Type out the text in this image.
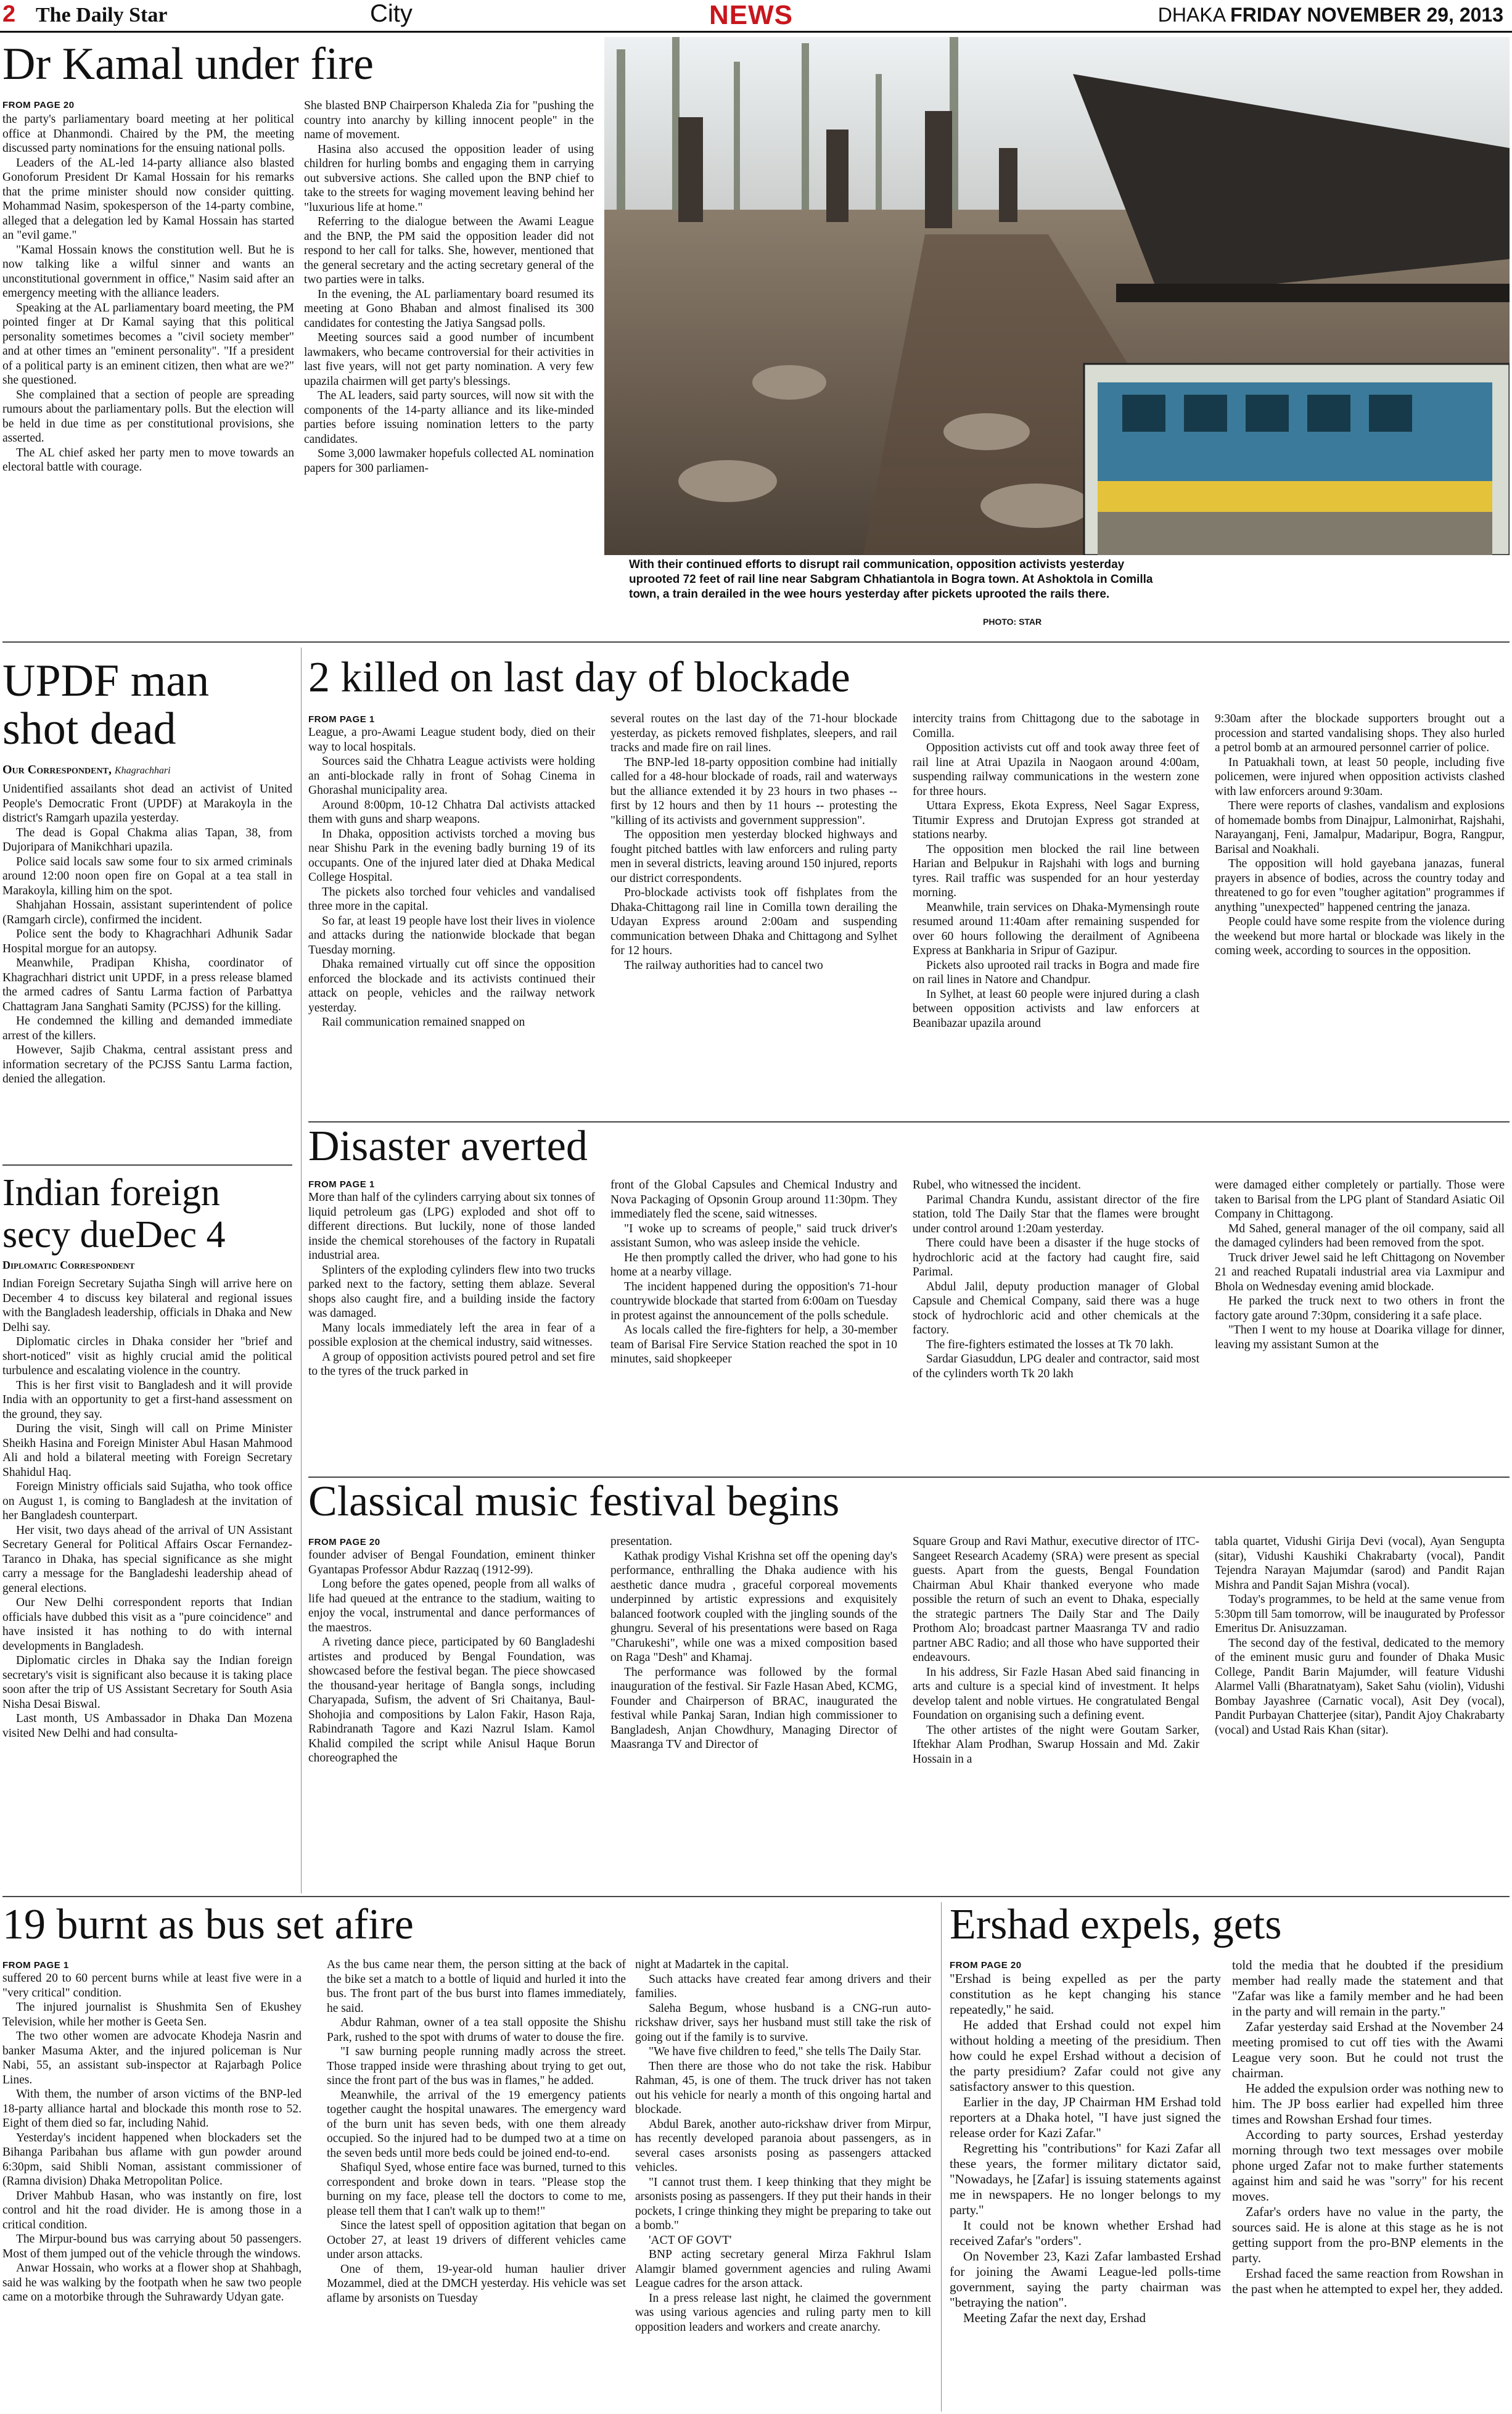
2 The Daily Star	City	NEWS	DHAKA FRIDAY NOVEMBER 29, 2013
Dr Kamal under fire
FROM PAGE 20

the party's parliamentary board meeting at her political office at Dhanmondi. Chaired by the PM, the meeting discussed party nominations for the ensuing national polls.

Leaders of the AL-led 14-party alliance also blasted Gonoforum President Dr Kamal Hossain for his remarks that the prime minister should now consider quitting. Mohammad Nasim, spokesperson of the 14-party combine, alleged that a delegation led by Kamal Hossain has started an "evil game."

"Kamal Hossain knows the constitution well. But he is now talking like a wilful sinner and wants an unconstitutional government in office," Nasim said after an emergency meeting with the alliance leaders.

Speaking at the AL parliamentary board meeting, the PM pointed finger at Dr Kamal saying that this political personality sometimes becomes a "civil society member" and at other times an "eminent personality". "If a president of a political party is an eminent citizen, then what are we?" she questioned.

She complained that a section of people are spreading rumours about the parliamentary polls. But the election will be held in due time as per constitutional provisions, she asserted.

The AL chief asked her party men to move towards an electoral battle with courage.

She blasted BNP Chairperson Khaleda Zia for "pushing the country into anarchy by killing innocent people" in the name of movement.

Hasina also accused the opposition leader of using children for hurling bombs and engaging them in carrying out subversive actions. She called upon the BNP chief to take to the streets for waging movement leaving behind her "luxurious life at home."

Referring to the dialogue between the Awami League and the BNP, the PM said the opposition leader did not respond to her call for talks. She, however, mentioned that the general secretary and the acting secretary general of the two parties were in talks.

In the evening, the AL parliamentary board resumed its meeting at Gono Bhaban and almost finalised its 300 candidates for contesting the Jatiya Sangsad polls.

Meeting sources said a good number of incumbent lawmakers, who became controversial for their activities in last five years, will not get party nomination. A very few upazila chairmen will get party's blessings.

The AL leaders, said party sources, will now sit with the components of the 14-party alliance and its like-minded parties before issuing nomination letters to the party candidates.

Some 3,000 lawmaker hopefuls collected AL nomination papers for 300 parliamen-

With their continued efforts to disrupt rail communication, opposition activists yesterday uprooted 72 feet of rail line near Sabgram Chhatiantola in Bogra town. At Ashoktola in Comilla town, a train derailed in the wee hours yesterday after pickets uprooted the rails there.
PHOTO: STAR
UPDF man shot dead
Our Correspondent, Khagrachhari

Unidentified assailants shot dead an activist of United People's Democratic Front (UPDF) at Marakoyla in the district's Ramgarh upazila yesterday.

The dead is Gopal Chakma alias Tapan, 38, from Dujoripara of Manikchhari upazila.

Police said locals saw some four to six armed criminals around 12:00 noon open fire on Gopal at a tea stall in Marakoyla, killing him on the spot.

Shahjahan Hossain, assistant superintendent of police (Ramgarh circle), confirmed the incident.

Police sent the body to Khagrachhari Adhunik Sadar Hospital morgue for an autopsy.

Meanwhile, Pradipan Khisha, coordinator of Khagrachhari district unit UPDF, in a press release blamed the armed cadres of Santu Larma faction of Parbattya Chattagram Jana Sanghati Samity (PCJSS) for the killing.

He condemned the killing and demanded immediate arrest of the killers.

However, Sajib Chakma, central assistant press and information secretary of the PCJSS Santu Larma faction, denied the allegation.

Indian foreign secy dueDec 4
Diplomatic Correspondent

Indian Foreign Secretary Sujatha Singh will arrive here on December 4 to discuss key bilateral and regional issues with the Bangladesh leadership, officials in Dhaka and New Delhi say.

Diplomatic circles in Dhaka consider her "brief and short-noticed" visit as highly crucial amid the political turbulence and escalating violence in the country.

This is her first visit to Bangladesh and it will provide India with an opportunity to get a first-hand assessment on the ground, they say.

During the visit, Singh will call on Prime Minister Sheikh Hasina and Foreign Minister Abul Hasan Mahmood Ali and hold a bilateral meeting with Foreign Secretary Shahidul Haq.

Foreign Ministry officials said Sujatha, who took office on August 1, is coming to Bangladesh at the invitation of her Bangladesh counterpart.

Her visit, two days ahead of the arrival of UN Assistant Secretary General for Political Affairs Oscar Fernandez-Taranco in Dhaka, has special significance as she might carry a message for the Bangladeshi leadership ahead of general elections.

Our New Delhi correspondent reports that Indian officials have dubbed this visit as a "pure coincidence" and have insisted it has nothing to do with internal developments in Bangladesh.

Diplomatic circles in Dhaka say the Indian foreign secretary's visit is significant also because it is taking place soon after the trip of US Assistant Secretary for South Asia Nisha Desai Biswal.

Last month, US Ambassador in Dhaka Dan Mozena visited New Delhi and had consulta-

2 killed on last day of blockade
FROM PAGE 1

League, a pro-Awami League student body, died on their way to local hospitals.

Sources said the Chhatra League activists were holding an anti-blockade rally in front of Sohag Cinema in Ghorashal municipality area.

Around 8:00pm, 10-12 Chhatra Dal activists attacked them with guns and sharp weapons.

In Dhaka, opposition activists torched a moving bus near Shishu Park in the evening badly burning 19 of its occupants. One of the injured later died at Dhaka Medical College Hospital.

The pickets also torched four vehicles and vandalised three more in the capital.

So far, at least 19 people have lost their lives in violence and attacks during the nationwide blockade that began Tuesday morning.

Dhaka remained virtually cut off since the opposition enforced the blockade and its activists continued their attack on people, vehicles and the railway network yesterday.

Rail communication remained snapped on

several routes on the last day of the 71-hour blockade yesterday, as pickets removed fishplates, sleepers, and rail tracks and made fire on rail lines.

The BNP-led 18-party opposition combine had initially called for a 48-hour blockade of roads, rail and waterways but the alliance extended it by 23 hours in two phases -- first by 12 hours and then by 11 hours -- protesting the "killing of its activists and government suppression".

The opposition men yesterday blocked highways and fought pitched battles with law enforcers and ruling party men in several districts, leaving around 150 injured, reports our district correspondents.

Pro-blockade activists took off fishplates from the Dhaka-Chittagong rail line in Comilla town derailing the Udayan Express around 2:00am and suspending communication between Dhaka and Chittagong and Sylhet for 12 hours.

The railway authorities had to cancel two

intercity trains from Chittagong due to the sabotage in Comilla.

Opposition activists cut off and took away three feet of rail line at Atrai Upazila in Naogaon around 4:00am, suspending railway communications in the western zone for three hours.

Uttara Express, Ekota Express, Neel Sagar Express, Titumir Express and Drutojan Express got stranded at stations nearby.

The opposition men blocked the rail line between Harian and Belpukur in Rajshahi with logs and burning tyres. Rail traffic was suspended for an hour yesterday morning.

Meanwhile, train services on Dhaka-Mymensingh route resumed around 11:40am after remaining suspended for over 60 hours following the derailment of Agnibeena Express at Bankharia in Sripur of Gazipur.

Pickets also uprooted rail tracks in Bogra and made fire on rail lines in Natore and Chandpur.

In Sylhet, at least 60 people were injured during a clash between opposition activists and law enforcers at Beanibazar upazila around

9:30am after the blockade supporters brought out a procession and started vandalising shops. They also hurled a petrol bomb at an armoured personnel carrier of police.

In Patuakhali town, at least 50 people, including five policemen, were injured when opposition activists clashed with law enforcers around 9:30am.

There were reports of clashes, vandalism and explosions of homemade bombs from Dinajpur, Lalmonirhat, Rajshahi, Narayanganj, Feni, Jamalpur, Madaripur, Bogra, Rangpur, Barisal and Noakhali.

The opposition will hold gayebana janazas, funeral prayers in absence of bodies, across the country today and threatened to go for even "tougher agitation" programmes if anything "unexpected" happened centring the janaza.

People could have some respite from the violence during the weekend but more hartal or blockade was likely in the coming week, according to sources in the opposition.

Disaster averted
FROM PAGE 1

More than half of the cylinders carrying about six tonnes of liquid petroleum gas (LPG) exploded and shot off to different directions. But luckily, none of those landed inside the chemical storehouses of the factory in Rupatali industrial area.

Splinters of the exploding cylinders flew into two trucks parked next to the factory, setting them ablaze. Several shops also caught fire, and a building inside the factory was damaged.

Many locals immediately left the area in fear of a possible explosion at the chemical industry, said witnesses.

A group of opposition activists poured petrol and set fire to the tyres of the truck parked in

front of the Global Capsules and Chemical Industry and Nova Packaging of Opsonin Group around 11:30pm. They immediately fled the scene, said witnesses.

"I woke up to screams of people," said truck driver's assistant Sumon, who was asleep inside the vehicle.

He then promptly called the driver, who had gone to his home at a nearby village.

The incident happened during the opposition's 71-hour countrywide blockade that started from 6:00am on Tuesday in protest against the announcement of the polls schedule.

As locals called the fire-fighters for help, a 30-member team of Barisal Fire Service Station reached the spot in 10 minutes, said shopkeeper

Rubel, who witnessed the incident.

Parimal Chandra Kundu, assistant director of the fire station, told The Daily Star that the flames were brought under control around 1:20am yesterday.

There could have been a disaster if the huge stocks of hydrochloric acid at the factory had caught fire, said Parimal.

Abdul Jalil, deputy production manager of Global Capsule and Chemical Company, said there was a huge stock of hydrochloric acid and other chemicals at the factory.

The fire-fighters estimated the losses at Tk 70 lakh.

Sardar Giasuddun, LPG dealer and contractor, said most of the cylinders worth Tk 20 lakh

were damaged either completely or partially. Those were taken to Barisal from the LPG plant of Standard Asiatic Oil Company in Chittagong.

Md Sahed, general manager of the oil company, said all the damaged cylinders had been removed from the spot.

Truck driver Jewel said he left Chittagong on November 21 and reached Rupatali industrial area via Laxmipur and Bhola on Wednesday evening amid blockade.

He parked the truck next to two others in front the factory gate around 7:30pm, considering it a safe place.

"Then I went to my house at Doarika village for dinner, leaving my assistant Sumon at the

Classical music festival begins
FROM PAGE 20

founder adviser of Bengal Foundation, eminent thinker Gyantapas Professor Abdur Razzaq (1912-99).

Long before the gates opened, people from all walks of life had queued at the entrance to the stadium, waiting to enjoy the vocal, instrumental and dance performances of the maestros.

A riveting dance piece, participated by 60 Bangladeshi artistes and produced by Bengal Foundation, was showcased before the festival began. The piece showcased the thousand-year heritage of Bangla songs, including Charyapada, Sufism, the advent of Sri Chaitanya, Baul-Shohojia and compositions by Lalon Fakir, Hason Raja, Rabindranath Tagore and Kazi Nazrul Islam. Kamol Khalid compiled the script while Anisul Haque Borun choreographed the

presentation.

Kathak prodigy Vishal Krishna set off the opening day's performance, enthralling the Dhaka audience with his aesthetic dance mudra , graceful corporeal movements underpinned by artistic expressions and exquisitely balanced footwork coupled with the jingling sounds of the ghungru. Several of his presentations were based on Raga "Charukeshi", while one was a mixed composition based on Raga "Desh" and Khamaj.

The performance was followed by the formal inauguration of the festival. Sir Fazle Hasan Abed, KCMG, Founder and Chairperson of BRAC, inaugurated the festival while Pankaj Saran, Indian high commissioner to Bangladesh, Anjan Chowdhury, Managing Director of Maasranga TV and Director of

Square Group and Ravi Mathur, executive director of ITC-Sangeet Research Academy (SRA) were present as special guests. Apart from the guests, Bengal Foundation Chairman Abul Khair thanked everyone who made possible the return of such an event to Dhaka, especially the strategic partners The Daily Star and The Daily Prothom Alo; broadcast partner Maasranga TV and radio partner ABC Radio; and all those who have supported their endeavours.

In his address, Sir Fazle Hasan Abed said financing in arts and culture is a special kind of investment. It helps develop talent and noble virtues. He congratulated Bengal Foundation on organising such a defining event.

The other artistes of the night were Goutam Sarker, Iftekhar Alam Prodhan, Swarup Hossain and Md. Zakir Hossain in a

tabla quartet, Vidushi Girija Devi (vocal), Ayan Sengupta (sitar), Vidushi Kaushiki Chakrabarty (vocal), Pandit Tejendra Narayan Majumdar (sarod) and Pandit Rajan Mishra and Pandit Sajan Mishra (vocal).

Today's programmes, to be held at the same venue from 5:30pm till 5am tomorrow, will be inaugurated by Professor Emeritus Dr. Anisuzzaman.

The second day of the festival, dedicated to the memory of the eminent music guru and founder of Dhaka Music College, Pandit Barin Majumder, will feature Vidushi Alarmel Valli (Bharatnatyam), Saket Sahu (violin), Vidushi Bombay Jayashree (Carnatic vocal), Asit Dey (vocal), Pandit Purbayan Chatterjee (sitar), Pandit Ajoy Chakrabarty (vocal) and Ustad Rais Khan (sitar).

19 burnt as bus set afire
FROM PAGE 1

suffered 20 to 60 percent burns while at least five were in a "very critical" condition.

The injured journalist is Shushmita Sen of Ekushey Television, while her mother is Geeta Sen.

The two other women are advocate Khodeja Nasrin and banker Masuma Akter, and the injured policeman is Nur Nabi, 55, an assistant sub-inspector at Rajarbagh Police Lines.

With them, the number of arson victims of the BNP-led 18-party alliance hartal and blockade this month rose to 52. Eight of them died so far, including Nahid.

Yesterday's incident happened when blockaders set the Bihanga Paribahan bus aflame with gun powder around 6:30pm, said Shibli Noman, assistant commissioner of (Ramna division) Dhaka Metropolitan Police.

Driver Mahbub Hasan, who was instantly on fire, lost control and hit the road divider. He is among those in a critical condition.

The Mirpur-bound bus was carrying about 50 passengers. Most of them jumped out of the vehicle through the windows.

Anwar Hossain, who works at a flower shop at Shahbagh, said he was walking by the footpath when he saw two people came on a motorbike through the Suhrawardy Udyan gate.

As the bus came near them, the person sitting at the back of the bike set a match to a bottle of liquid and hurled it into the bus. The front part of the bus burst into flames immediately, he said.

Abdur Rahman, owner of a tea stall opposite the Shishu Park, rushed to the spot with drums of water to douse the fire.

"I saw burning people running madly across the street. Those trapped inside were thrashing about trying to get out, since the front part of the bus was in flames," he added.

Meanwhile, the arrival of the 19 emergency patients together caught the hospital unawares. The emergency ward of the burn unit has seven beds, with one them already occupied. So the injured had to be dumped two at a time on the seven beds until more beds could be joined end-to-end.

Shafiqul Syed, whose entire face was burned, turned to this correspondent and broke down in tears. "Please stop the burning on my face, please tell the doctors to come to me, please tell them that I can't walk up to them!"

Since the latest spell of opposition agitation that began on October 27, at least 19 drivers of different vehicles came under arson attacks.

One of them, 19-year-old human haulier driver Mozammel, died at the DMCH yesterday. His vehicle was set aflame by arsonists on Tuesday

night at Madartek in the capital.

Such attacks have created fear among drivers and their families.

Saleha Begum, whose husband is a CNG-run auto-rickshaw driver, says her husband must still take the risk of going out if the family is to survive.

"We have five children to feed," she tells The Daily Star.

Then there are those who do not take the risk. Habibur Rahman, 45, is one of them. The truck driver has not taken out his vehicle for nearly a month of this ongoing hartal and blockade.

Abdul Barek, another auto-rickshaw driver from Mirpur, has recently developed paranoia about passengers, as in several cases arsonists posing as passengers attacked vehicles.

"I cannot trust them. I keep thinking that they might be arsonists posing as passengers. If they put their hands in their pockets, I cringe thinking they might be preparing to take out a bomb."

'ACT OF GOVT'

BNP acting secretary general Mirza Fakhrul Islam Alamgir blamed government agencies and ruling Awami League cadres for the arson attack.

In a press release last night, he claimed the government was using various agencies and ruling party men to kill opposition leaders and workers and create anarchy.

Ershad expels, gets
FROM PAGE 20

"Ershad is being expelled as per the party constitution as he kept changing his stance repeatedly," he said.

He added that Ershad could not expel him without holding a meeting of the presidium. Then how could he expel Ershad without a decision of the party presidium? Zafar could not give any satisfactory answer to this question.

Earlier in the day, JP Chairman HM Ershad told reporters at a Dhaka hotel, "I have just signed the release order for Kazi Zafar."

Regretting his "contributions" for Kazi Zafar all these years, the former military dictator said, "Nowadays, he [Zafar] is issuing statements against me in newspapers. He no longer belongs to my party."

It could not be known whether Ershad had received Zafar's "orders".

On November 23, Kazi Zafar lambasted Ershad for joining the Awami League-led polls-time government, saying the party chairman was "betraying the nation".

Meeting Zafar the next day, Ershad

told the media that he doubted if the presidium member had really made the statement and that "Zafar was like a family member and he had been in the party and will remain in the party."

Zafar yesterday said Ershad at the November 24 meeting promised to cut off ties with the Awami League very soon. But he could not trust the chairman.

He added the expulsion order was nothing new to him. The JP boss earlier had expelled him three times and Rowshan Ershad four times.

According to party sources, Ershad yesterday morning through two text messages over mobile phone urged Zafar not to make further statements against him and said he was "sorry" for his recent moves.

Zafar's orders have no value in the party, the sources said. He is alone at this stage as he is not getting support from the pro-BNP elements in the party.

Ershad faced the same reaction from Rowshan in the past when he attempted to expel her, they added.
